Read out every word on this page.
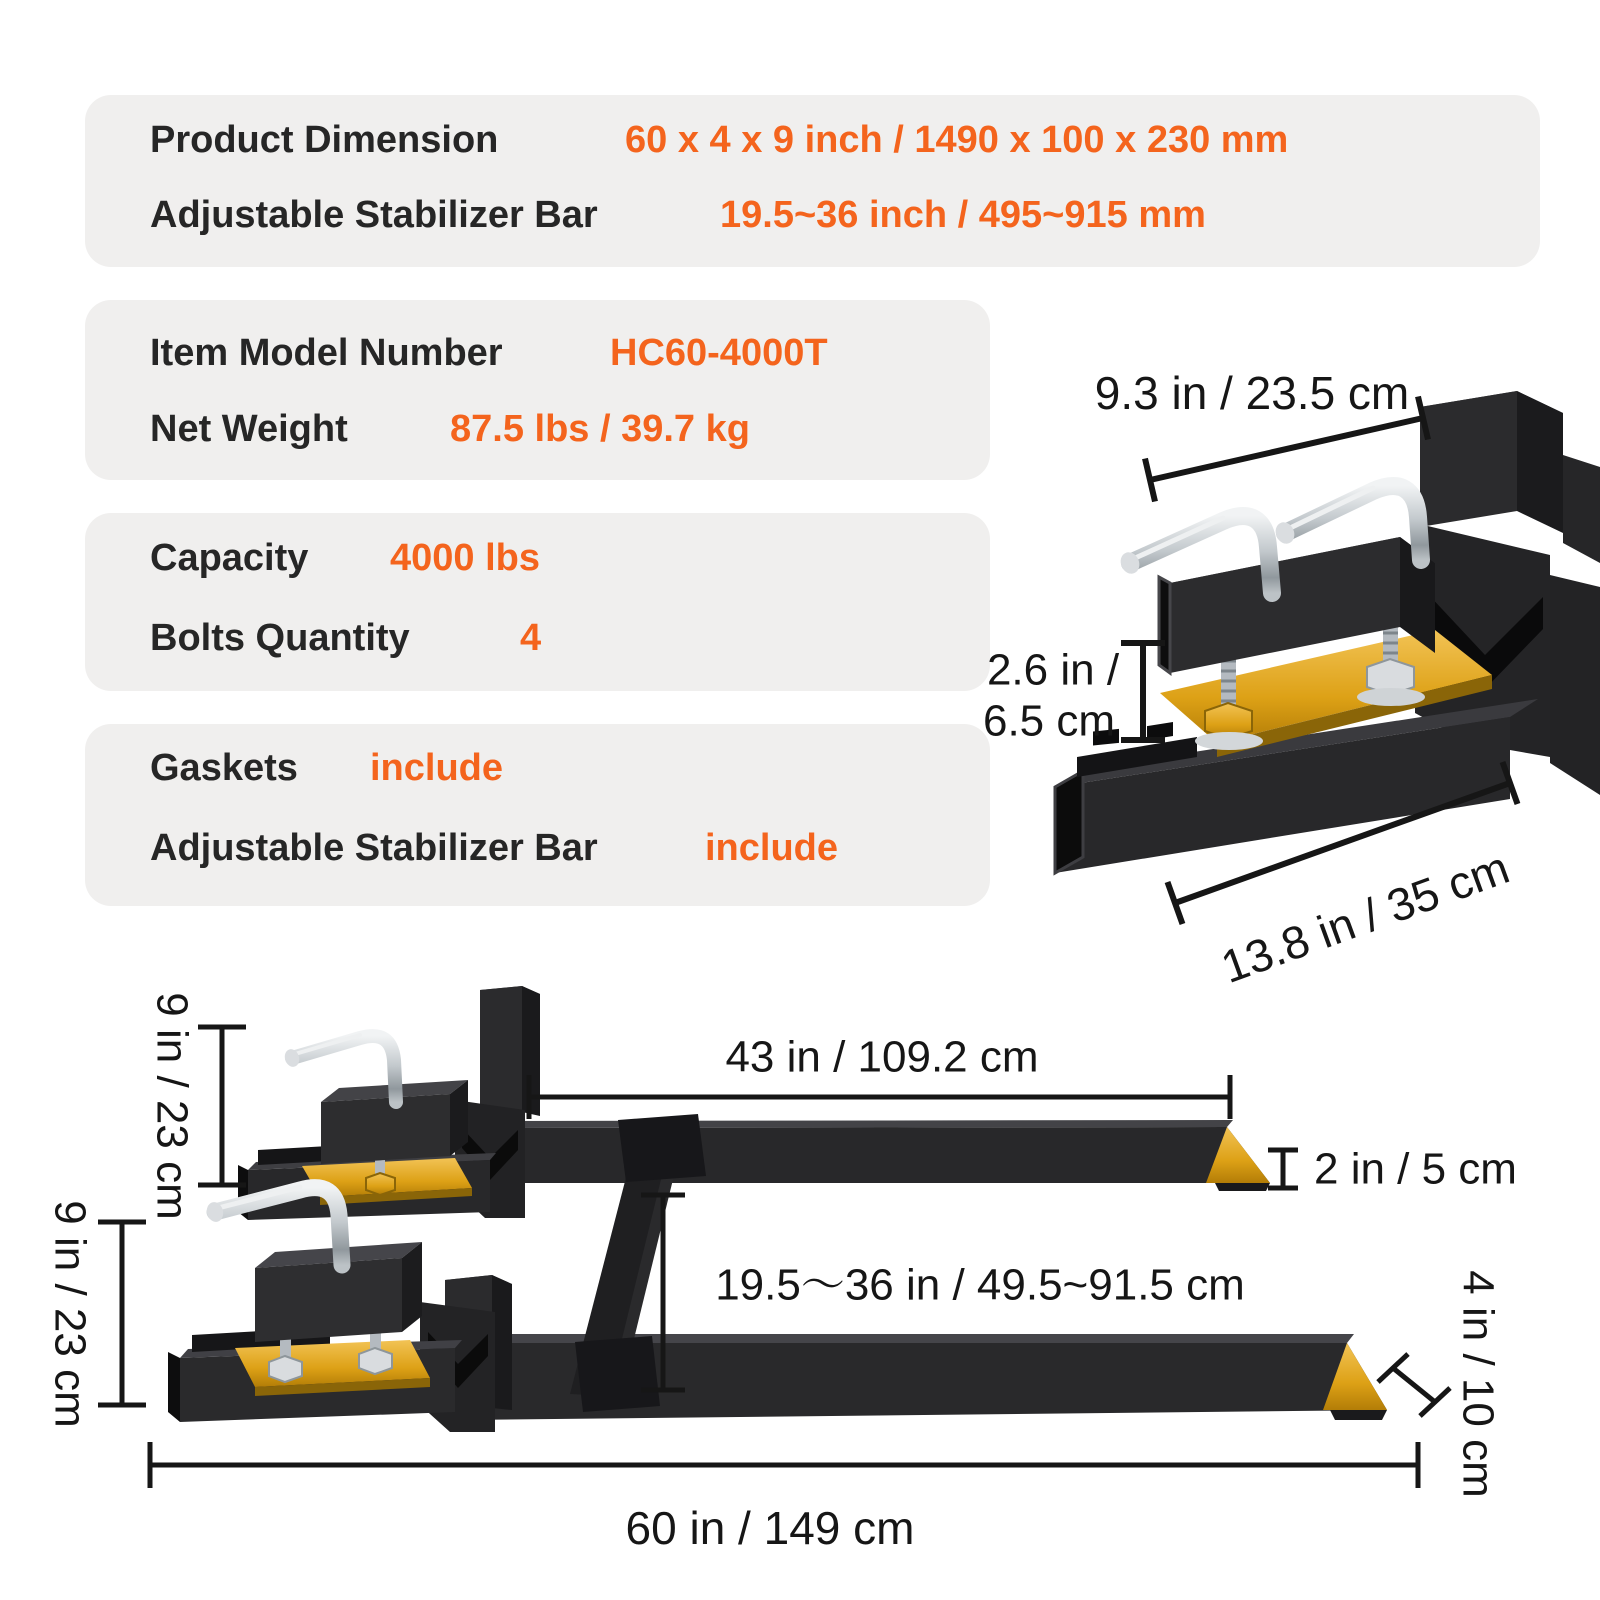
Product Dimension	60 x 4 x 9 inch / 1490 x 100 x 230 mm
Adjustable Stabilizer Bar	19.5~36 inch / 495~915 mm
Item Model Number	HC60-4000T
Net Weight	87.5 lbs / 39.7 kg
Capacity 4000 lbs
Bolts Quantity	4
Gaskets include
Adjustable Stabilizer Bar	include
9.3 in / 23.5 cm
2.6 in /
6.5 cm
13.8 in / 35 cm
9 in / 23 cm
9 in / 23 cm
43 in / 109.2 cm
2 in / 5 cm
19.5～36 in / 49.5~91.5 cm	4 in / 10 cm
60 in / 149 cm
